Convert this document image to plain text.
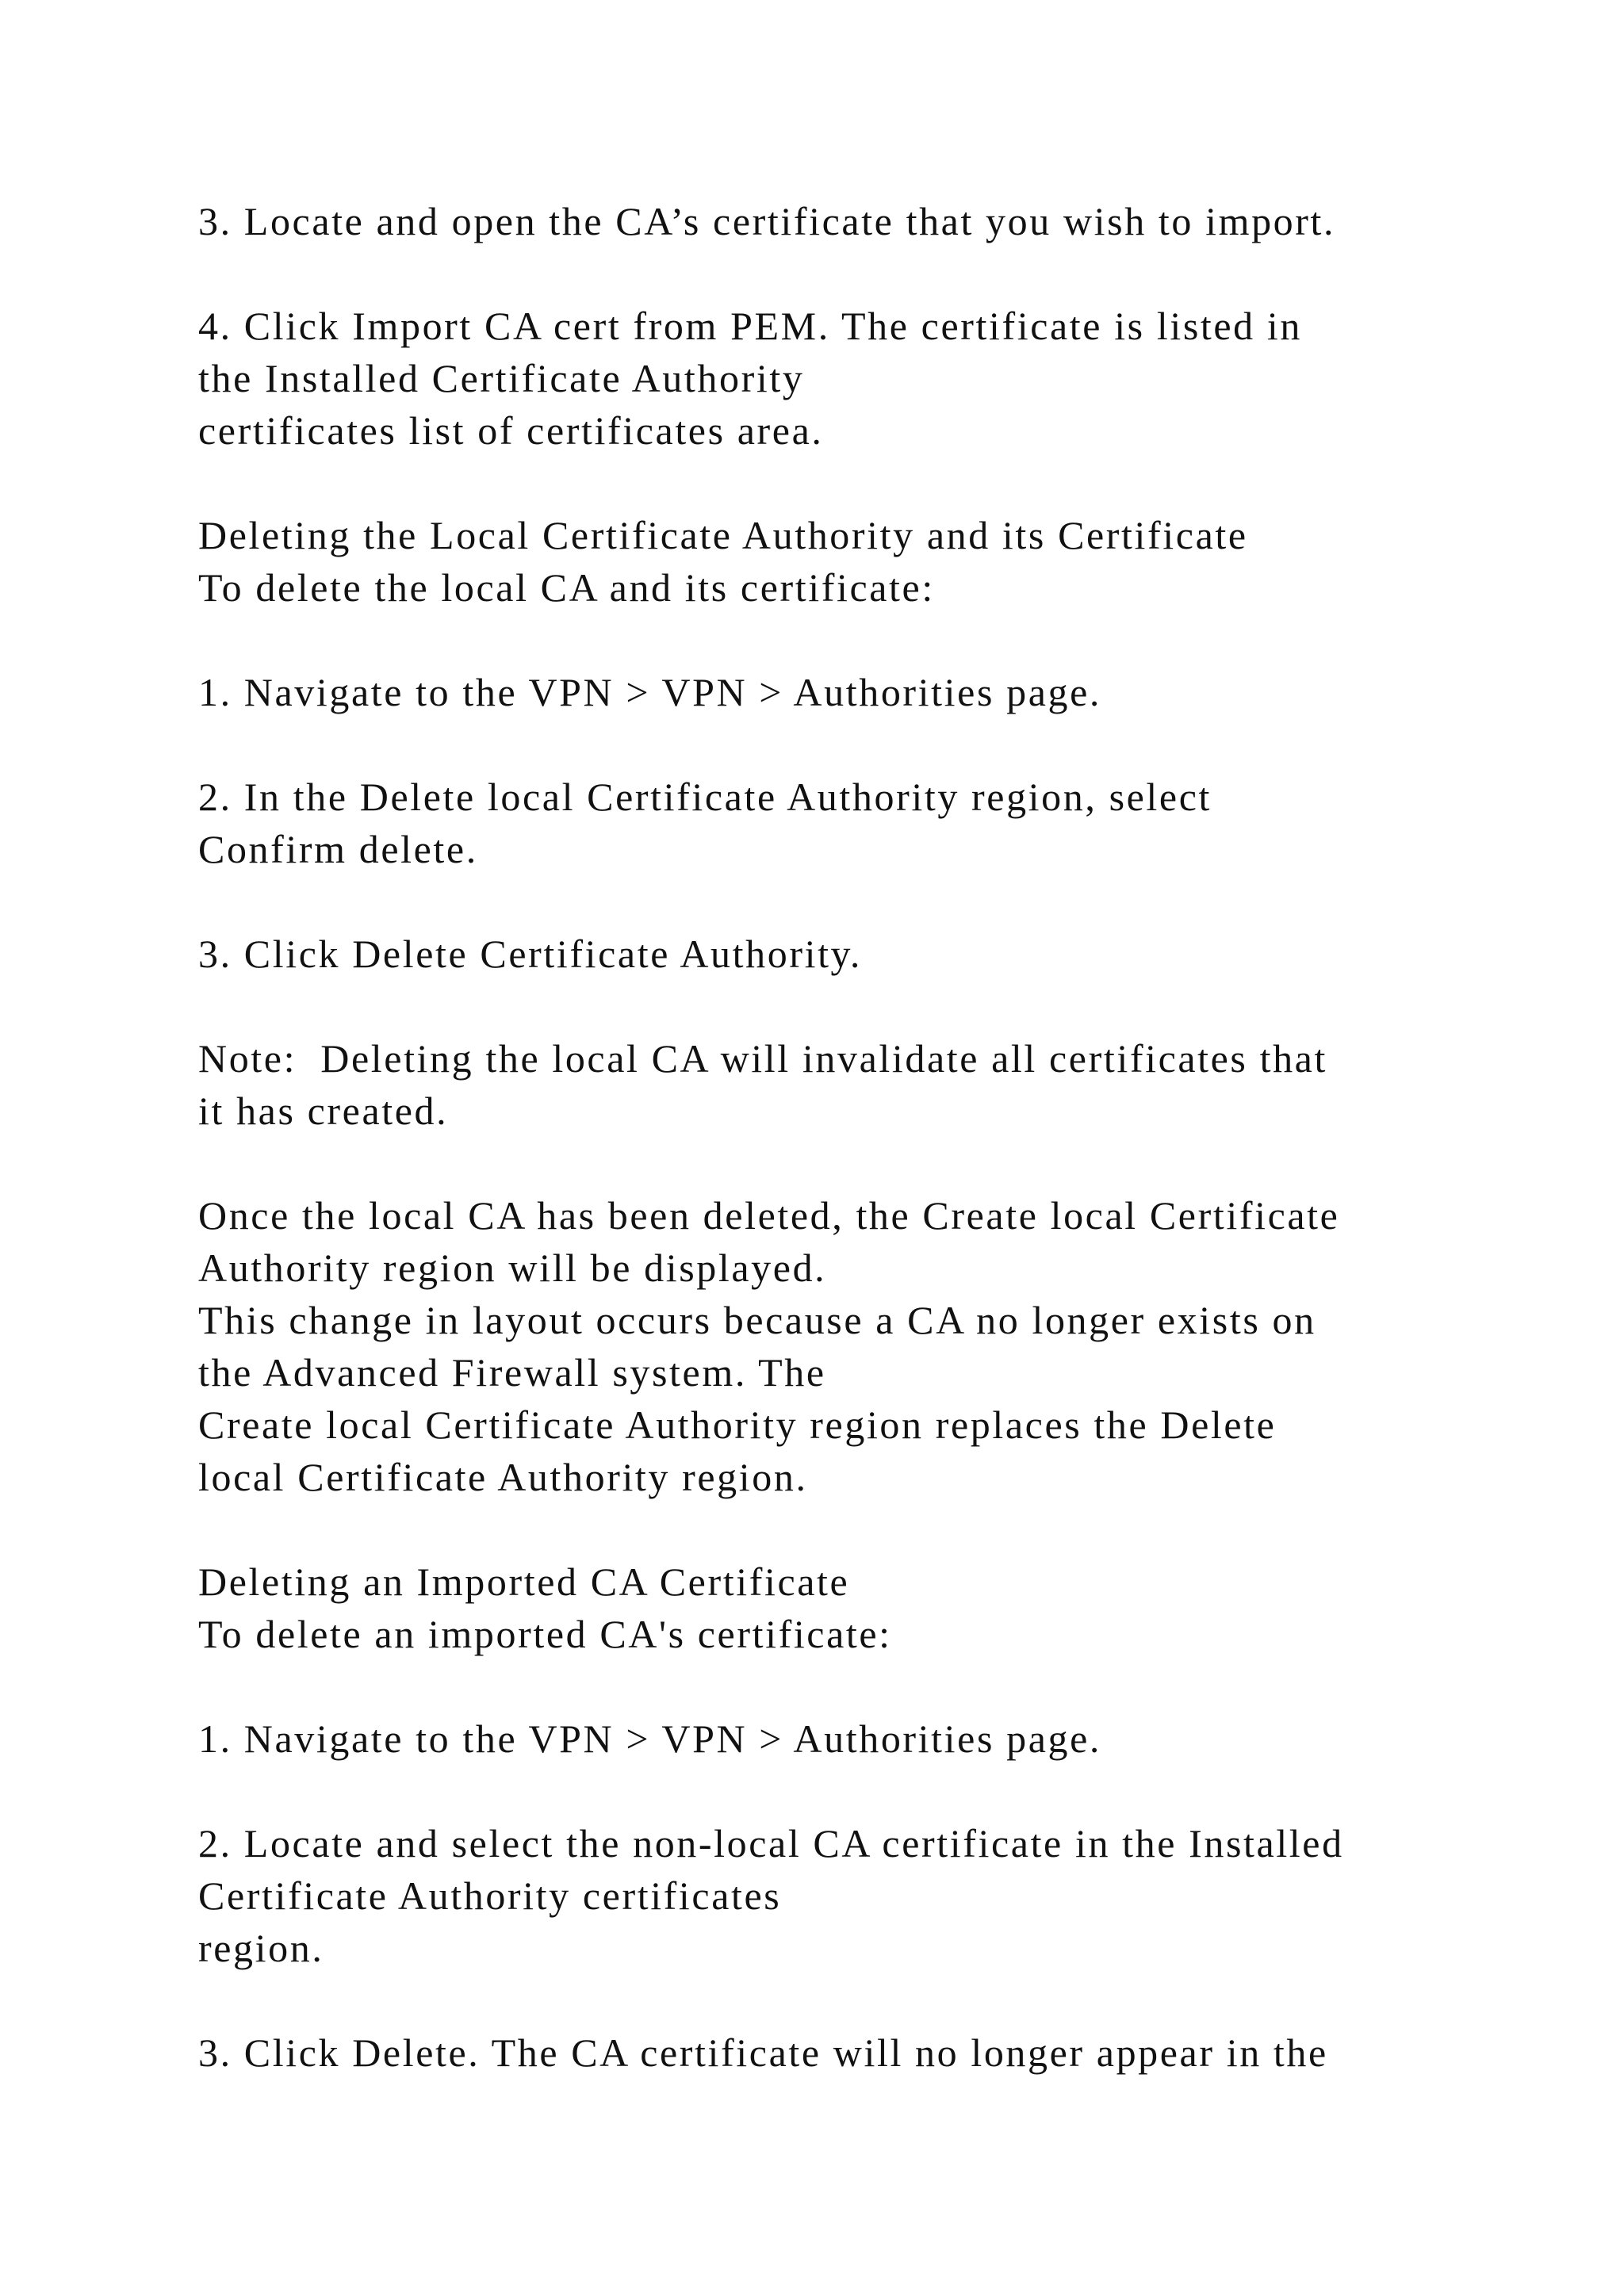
3. Locate and open the CA’s certificate that you wish to import.
4. Click Import CA cert from PEM. The certificate is listed in
the Installed Certificate Authority
certificates list of certificates area.
Deleting the Local Certificate Authority and its Certificate
To delete the local CA and its certificate:
1. Navigate to the VPN > VPN > Authorities page.
2. In the Delete local Certificate Authority region, select
Confirm delete.
3. Click Delete Certificate Authority.
Note:  Deleting the local CA will invalidate all certificates that
it has created.
Once the local CA has been deleted, the Create local Certificate
Authority region will be displayed.
This change in layout occurs because a CA no longer exists on
the Advanced Firewall system. The
Create local Certificate Authority region replaces the Delete
local Certificate Authority region.
Deleting an Imported CA Certificate
To delete an imported CA's certificate:
1. Navigate to the VPN > VPN > Authorities page.
2. Locate and select the non-local CA certificate in the Installed
Certificate Authority certificates
region.
3. Click Delete. The CA certificate will no longer appear in the
